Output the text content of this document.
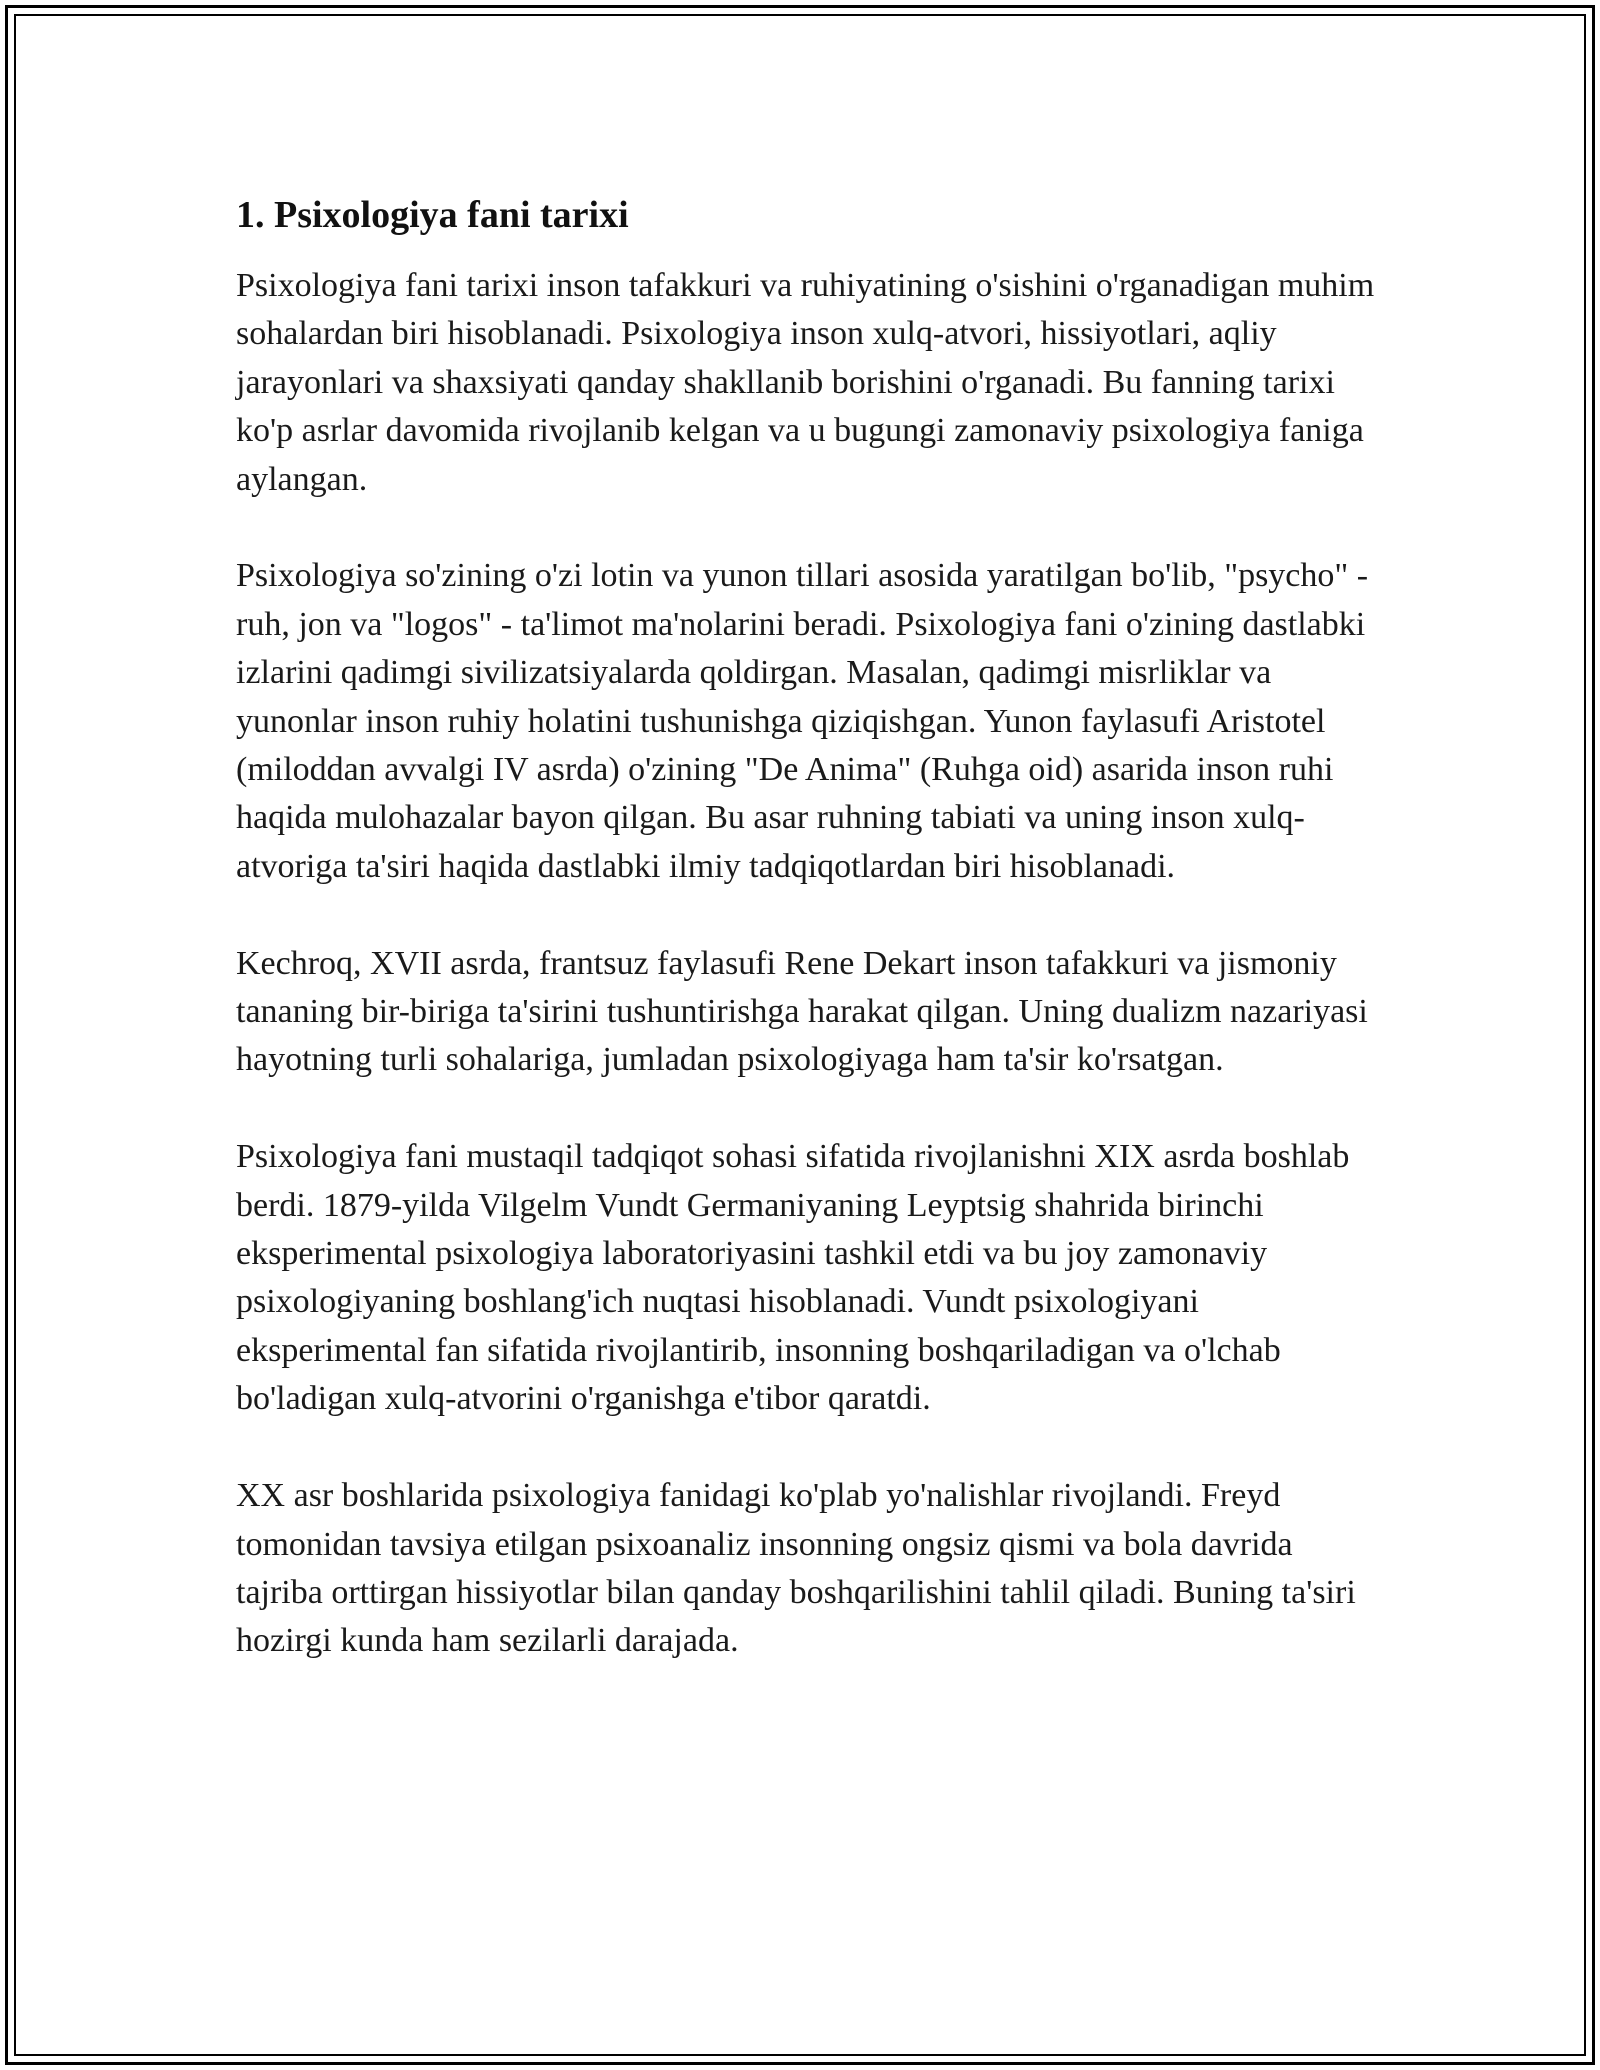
1. Psixologiya fani tarixi

Psixologiya fani tarixi inson tafakkuri va ruhiyatining o'sishini o'rganadigan muhim sohalardan biri hisoblanadi. Psixologiya inson xulq-atvori, hissiyotlari, aqliy jarayonlari va shaxsiyati qanday shakllanib borishini o'rganadi. Bu fanning tarixi ko'p asrlar davomida rivojlanib kelgan va u bugungi zamonaviy psixologiya faniga aylangan.

Psixologiya so'zining o'zi lotin va yunon tillari asosida yaratilgan bo'lib, "psycho" - ruh, jon va "logos" - ta'limot ma'nolarini beradi. Psixologiya fani o'zining dastlabki izlarini qadimgi sivilizatsiyalarda qoldirgan. Masalan, qadimgi misrliklar va yunonlar inson ruhiy holatini tushunishga qiziqishgan. Yunon faylasufi Aristotel (miloddan avvalgi IV asrda) o'zining "De Anima" (Ruhga oid) asarida inson ruhi haqida mulohazalar bayon qilgan. Bu asar ruhning tabiati va uning inson xulq-atvoriga ta'siri haqida dastlabki ilmiy tadqiqotlardan biri hisoblanadi.

Kechroq, XVII asrda, frantsuz faylasufi Rene Dekart inson tafakkuri va jismoniy tananing bir-biriga ta'sirini tushuntirishga harakat qilgan. Uning dualizm nazariyasi hayotning turli sohalariga, jumladan psixologiyaga ham ta'sir ko'rsatgan.

Psixologiya fani mustaqil tadqiqot sohasi sifatida rivojlanishni XIX asrda boshlab berdi. 1879-yilda Vilgelm Vundt Germaniyaning Leyptsig shahrida birinchi eksperimental psixologiya laboratoriyasini tashkil etdi va bu joy zamonaviy psixologiyaning boshlang'ich nuqtasi hisoblanadi. Vundt psixologiyani eksperimental fan sifatida rivojlantirib, insonning boshqariladigan va o'lchab bo'ladigan xulq-atvorini o'rganishga e'tibor qaratdi.

XX asr boshlarida psixologiya fanidagi ko'plab yo'nalishlar rivojlandi. Freyd tomonidan tavsiya etilgan psixoanaliz insonning ongsiz qismi va bola davrida tajriba orttirgan hissiyotlar bilan qanday boshqarilishini tahlil qiladi. Buning ta'siri hozirgi kunda ham sezilarli darajada.
